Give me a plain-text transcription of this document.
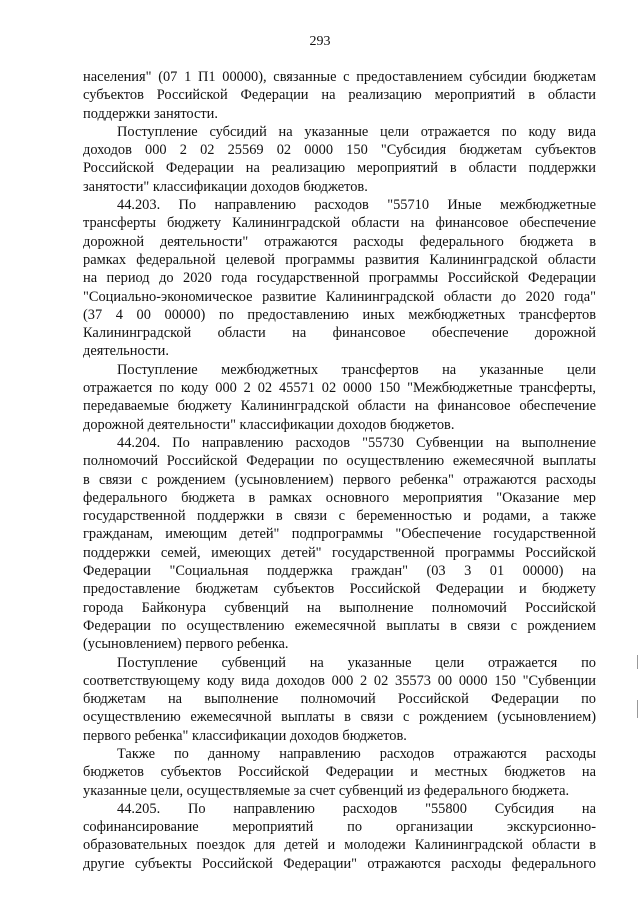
293
населения" (07 1 П1 00000), связанные с предоставлением субсидии бюджетам
субъектов Российской Федерации на реализацию мероприятий в области
поддержки занятости.
Поступление субсидий на указанные цели отражается по коду вида
доходов 000 2 02 25569 02 0000 150 "Субсидия бюджетам субъектов
Российской Федерации на реализацию мероприятий в области поддержки
занятости" классификации доходов бюджетов.
44.203. По направлению расходов "55710 Иные межбюджетные
трансферты бюджету Калининградской области на финансовое обеспечение
дорожной деятельности" отражаются расходы федерального бюджета в
рамках федеральной целевой программы развития Калининградской области
на период до 2020 года государственной программы Российской Федерации
"Социально-экономическое развитие Калининградской области до 2020 года"
(37 4 00 00000) по предоставлению иных межбюджетных трансфертов
Калининградской области на финансовое обеспечение дорожной
деятельности.
Поступление межбюджетных трансфертов на указанные цели
отражается по коду 000 2 02 45571 02 0000 150 "Межбюджетные трансферты,
передаваемые бюджету Калининградской области на финансовое обеспечение
дорожной деятельности" классификации доходов бюджетов.
44.204. По направлению расходов "55730 Субвенции на выполнение
полномочий Российской Федерации по осуществлению ежемесячной выплаты
в связи с рождением (усыновлением) первого ребенка" отражаются расходы
федерального бюджета в рамках основного мероприятия "Оказание мер
государственной поддержки в связи с беременностью и родами, а также
гражданам, имеющим детей" подпрограммы "Обеспечение государственной
поддержки семей, имеющих детей" государственной программы Российской
Федерации "Социальная поддержка граждан" (03 3 01 00000) на
предоставление бюджетам субъектов Российской Федерации и бюджету
города Байконура субвенций на выполнение полномочий Российской
Федерации по осуществлению ежемесячной выплаты в связи с рождением
(усыновлением) первого ребенка.
Поступление субвенций на указанные цели отражается по
соответствующему коду вида доходов 000 2 02 35573 00 0000 150 "Субвенции
бюджетам на выполнение полномочий Российской Федерации по
осуществлению ежемесячной выплаты в связи с рождением (усыновлением)
первого ребенка" классификации доходов бюджетов.
Также по данному направлению расходов отражаются расходы
бюджетов субъектов Российской Федерации и местных бюджетов на
указанные цели, осуществляемые за счет субвенций из федерального бюджета.
44.205. По направлению расходов "55800 Субсидия на
софинансирование мероприятий по организации экскурсионно-
образовательных поездок для детей и молодежи Калининградской области в
другие субъекты Российской Федерации" отражаются расходы федерального
